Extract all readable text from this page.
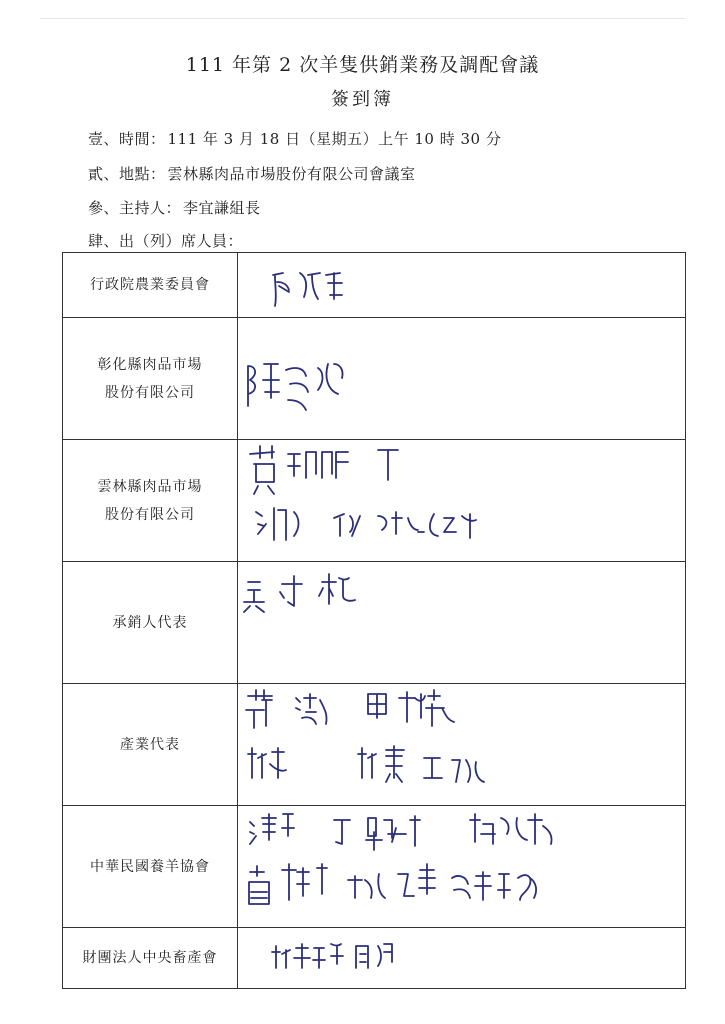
111 年第 2 次羊隻供銷業務及調配會議
簽到簿
壹、時間： 111 年 3 月 18 日（星期五）上午 10 時 30 分
貳、地點： 雲林縣肉品市場股份有限公司會議室
參、主持人： 李宜謙組長
肆、出（列）席人員：
行政院農業委員會

彰化縣肉品市場
股份有限公司

雲林縣肉品市場
股份有限公司

承銷人代表

產業代表

中華民國養羊協會

財團法人中央畜產會
